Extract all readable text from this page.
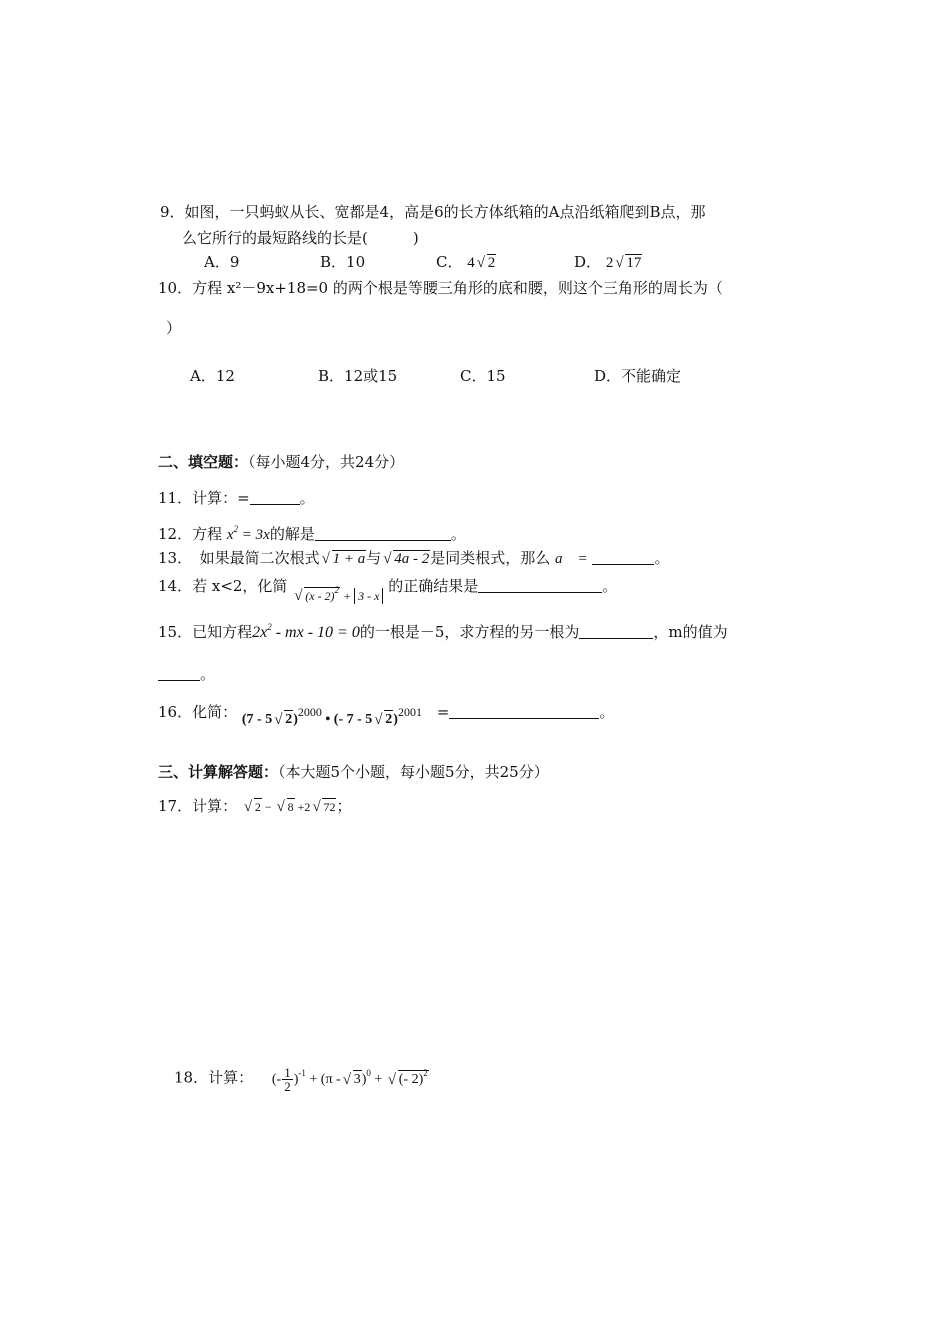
9．如图，一只蚂蚁从长、宽都是4，高是6的长方体纸箱的A点沿纸箱爬到B点，那
么它所行的最短路线的长是(　　　)
A．9	B．10	C． 4 √ 2	D． 2 √ 17
10．方程 x²－9x+18=0 的两个根是等腰三角形的底和腰，则这个三角形的周长为（
）
A．12	B．12或15	C．15	D．不能确定
二、填空题：（每小题4分，共24分）
11．计算：=	。
12．方程 $x^2 = 3x$的解是	。
13．　如果最简二次根式 √ 1 + a与 √ 4a - 2是同类根式，那么 a　=	。
14．若 x<2，化简
$_{√ (x - 2)^2 + 3 - x}$ 的正确结果是	。
15．已知方程$2x^2$ - mx - 10 = 0的一根是－5，求方程的另一根为	，m的值为
。
16．化简： (7 - 5 √ 2)$^{2000}$ • (- 7 - 5 √ 2)$^{2001}$ =	。
三、计算解答题：（本大题5个小题，每小题5分，共25分）
17．计算： √ 2 − √ 8 +2 √ 72；
18．计算： (- $\frac{1}{2} )^{-1} + (\pi$ - √ 3)$^0$ + √ (- 2)$^2$
